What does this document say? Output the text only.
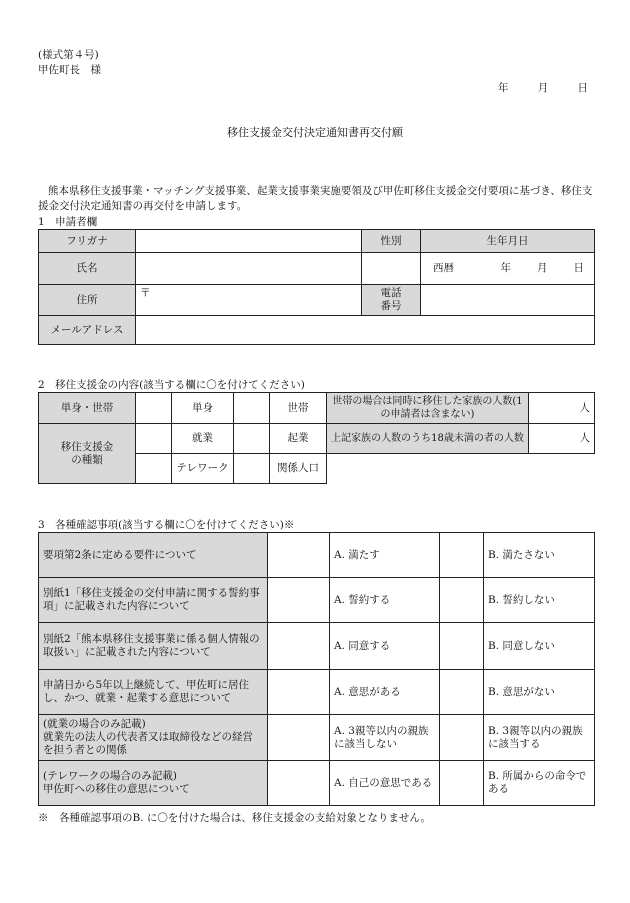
(様式第４号)
甲佐町長　様
年	月	日
移住支援金交付決定通知書再交付願
熊本県移住支援事業・マッチング支援事業、起業支援事業実施要領及び甲佐町移住支援金交付要項に基づき、移住支援金交付決定通知書の再交付を申請します。
1　申請者欄
フリガナ		性別	生年月日
氏名			西暦 年 月 日

住所	〒	電話
番号	
メールアドレス			
2　移住支援金の内容(該当する欄に〇を付けてください)
単身・世帯		単身		世帯	世帯の場合は同時に移住した家族の人数(1の申請者は含まない)	人
移住支援金
の種類		就業		起業	上記家族の人数のうち18歳未満の者の人数	人
		テレワーク		関係人口		
3　各種確認事項(該当する欄に〇を付けてください)※
要項第2条に定める要件について		A. 満たす		B. 満たさない
別紙1「移住支援金の交付申請に関する誓約事項」に記載された内容について		A. 誓約する		B. 誓約しない
別紙2「熊本県移住支援事業に係る個人情報の取扱い」に記載された内容について		A. 同意する		B. 同意しない
申請日から5年以上継続して、甲佐町に居住し、かつ、就業・起業する意思について		A. 意思がある		B. 意思がない
(就業の場合のみ記載)
就業先の法人の代表者又は取締役などの経営を担う者との関係		A. 3親等以内の親族に該当しない		B. 3親等以内の親族に該当する
(テレワークの場合のみ記載)
甲佐町への移住の意思について		A. 自己の意思である		B. 所属からの命令である
※　各種確認事項のB. に〇を付けた場合は、移住支援金の支給対象となりません。
